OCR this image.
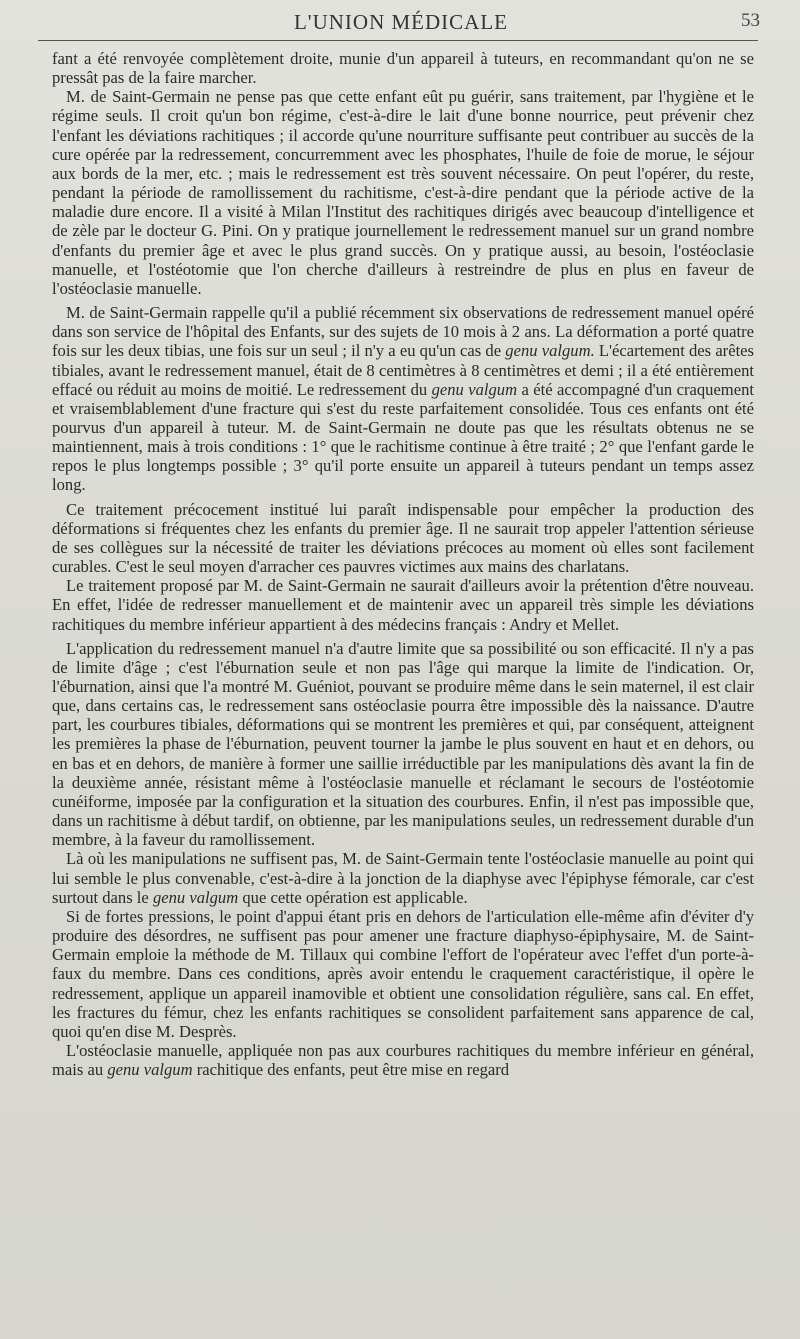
L'UNION MÉDICALE	53

fant a été renvoyée complètement droite, munie d'un appareil à tuteurs, en recommandant qu'on ne se pressât pas de la faire marcher.

M. de Saint-Germain ne pense pas que cette enfant eût pu guérir, sans traitement, par l'hygiène et le régime seuls. Il croit qu'un bon régime, c'est-à-dire le lait d'une bonne nourrice, peut prévenir chez l'enfant les déviations rachitiques ; il accorde qu'une nourriture suffisante peut contribuer au succès de la cure opérée par la redressement, concurremment avec les phosphates, l'huile de foie de morue, le séjour aux bords de la mer, etc. ; mais le redressement est très souvent nécessaire. On peut l'opérer, du reste, pendant la période de ramollissement du rachitisme, c'est-à-dire pendant que la période active de la maladie dure encore. Il a visité à Milan l'Institut des rachitiques dirigés avec beaucoup d'intelligence et de zèle par le docteur G. Pini. On y pratique journellement le redressement manuel sur un grand nombre d'enfants du premier âge et avec le plus grand succès. On y pratique aussi, au besoin, l'ostéoclasie manuelle, et l'ostéotomie que l'on cherche d'ailleurs à restreindre de plus en plus en faveur de l'ostéoclasie manuelle.

M. de Saint-Germain rappelle qu'il a publié récemment six observations de redressement manuel opéré dans son service de l'hôpital des Enfants, sur des sujets de 10 mois à 2 ans. La déformation a porté quatre fois sur les deux tibias, une fois sur un seul ; il n'y a eu qu'un cas de genu valgum. L'écartement des arêtes tibiales, avant le redressement manuel, était de 8 centimètres à 8 centimètres et demi ; il a été entièrement effacé ou réduit au moins de moitié. Le redressement du genu valgum a été accompagné d'un craquement et vraisemblablement d'une fracture qui s'est du reste parfaitement consolidée. Tous ces enfants ont été pourvus d'un appareil à tuteur. M. de Saint-Germain ne doute pas que les résultats obtenus ne se maintiennent, mais à trois conditions : 1° que le rachitisme continue à être traité ; 2° que l'enfant garde le repos le plus longtemps possible ; 3° qu'il porte ensuite un appareil à tuteurs pendant un temps assez long.

Ce traitement précocement institué lui paraît indispensable pour empêcher la production des déformations si fréquentes chez les enfants du premier âge. Il ne saurait trop appeler l'attention sérieuse de ses collègues sur la nécessité de traiter les déviations précoces au moment où elles sont facilement curables. C'est le seul moyen d'arracher ces pauvres victimes aux mains des charlatans.

Le traitement proposé par M. de Saint-Germain ne saurait d'ailleurs avoir la prétention d'être nouveau. En effet, l'idée de redresser manuellement et de maintenir avec un appareil très simple les déviations rachitiques du membre inférieur appartient à des médecins français : Andry et Mellet.

L'application du redressement manuel n'a d'autre limite que sa possibilité ou son efficacité. Il n'y a pas de limite d'âge ; c'est l'éburnation seule et non pas l'âge qui marque la limite de l'indication. Or, l'éburnation, ainsi que l'a montré M. Guéniot, pouvant se produire même dans le sein maternel, il est clair que, dans certains cas, le redressement sans ostéoclasie pourra être impossible dès la naissance. D'autre part, les courbures tibiales, déformations qui se montrent les premières et qui, par conséquent, atteignent les premières la phase de l'éburnation, peuvent tourner la jambe le plus souvent en haut et en dehors, ou en bas et en dehors, de manière à former une saillie irréductible par les manipulations dès avant la fin de la deuxième année, résistant même à l'ostéoclasie manuelle et réclamant le secours de l'ostéotomie cunéiforme, imposée par la configuration et la situation des courbures. Enfin, il n'est pas impossible que, dans un rachitisme à début tardif, on obtienne, par les manipulations seules, un redressement durable d'un membre, à la faveur du ramollissement.

Là où les manipulations ne suffisent pas, M. de Saint-Germain tente l'ostéoclasie manuelle au point qui lui semble le plus convenable, c'est-à-dire à la jonction de la diaphyse avec l'épiphyse fémorale, car c'est surtout dans le genu valgum que cette opération est applicable.

Si de fortes pressions, le point d'appui étant pris en dehors de l'articulation elle-même afin d'éviter d'y produire des désordres, ne suffisent pas pour amener une fracture diaphyso-épiphysaire, M. de Saint-Germain emploie la méthode de M. Tillaux qui combine l'effort de l'opérateur avec l'effet d'un porte-à-faux du membre. Dans ces conditions, après avoir entendu le craquement caractéristique, il opère le redressement, applique un appareil inamovible et obtient une consolidation régulière, sans cal. En effet, les fractures du fémur, chez les enfants rachitiques se consolident parfaitement sans apparence de cal, quoi qu'en dise M. Desprès.

L'ostéoclasie manuelle, appliquée non pas aux courbures rachitiques du membre inférieur en général, mais au genu valgum rachitique des enfants, peut être mise en regard
